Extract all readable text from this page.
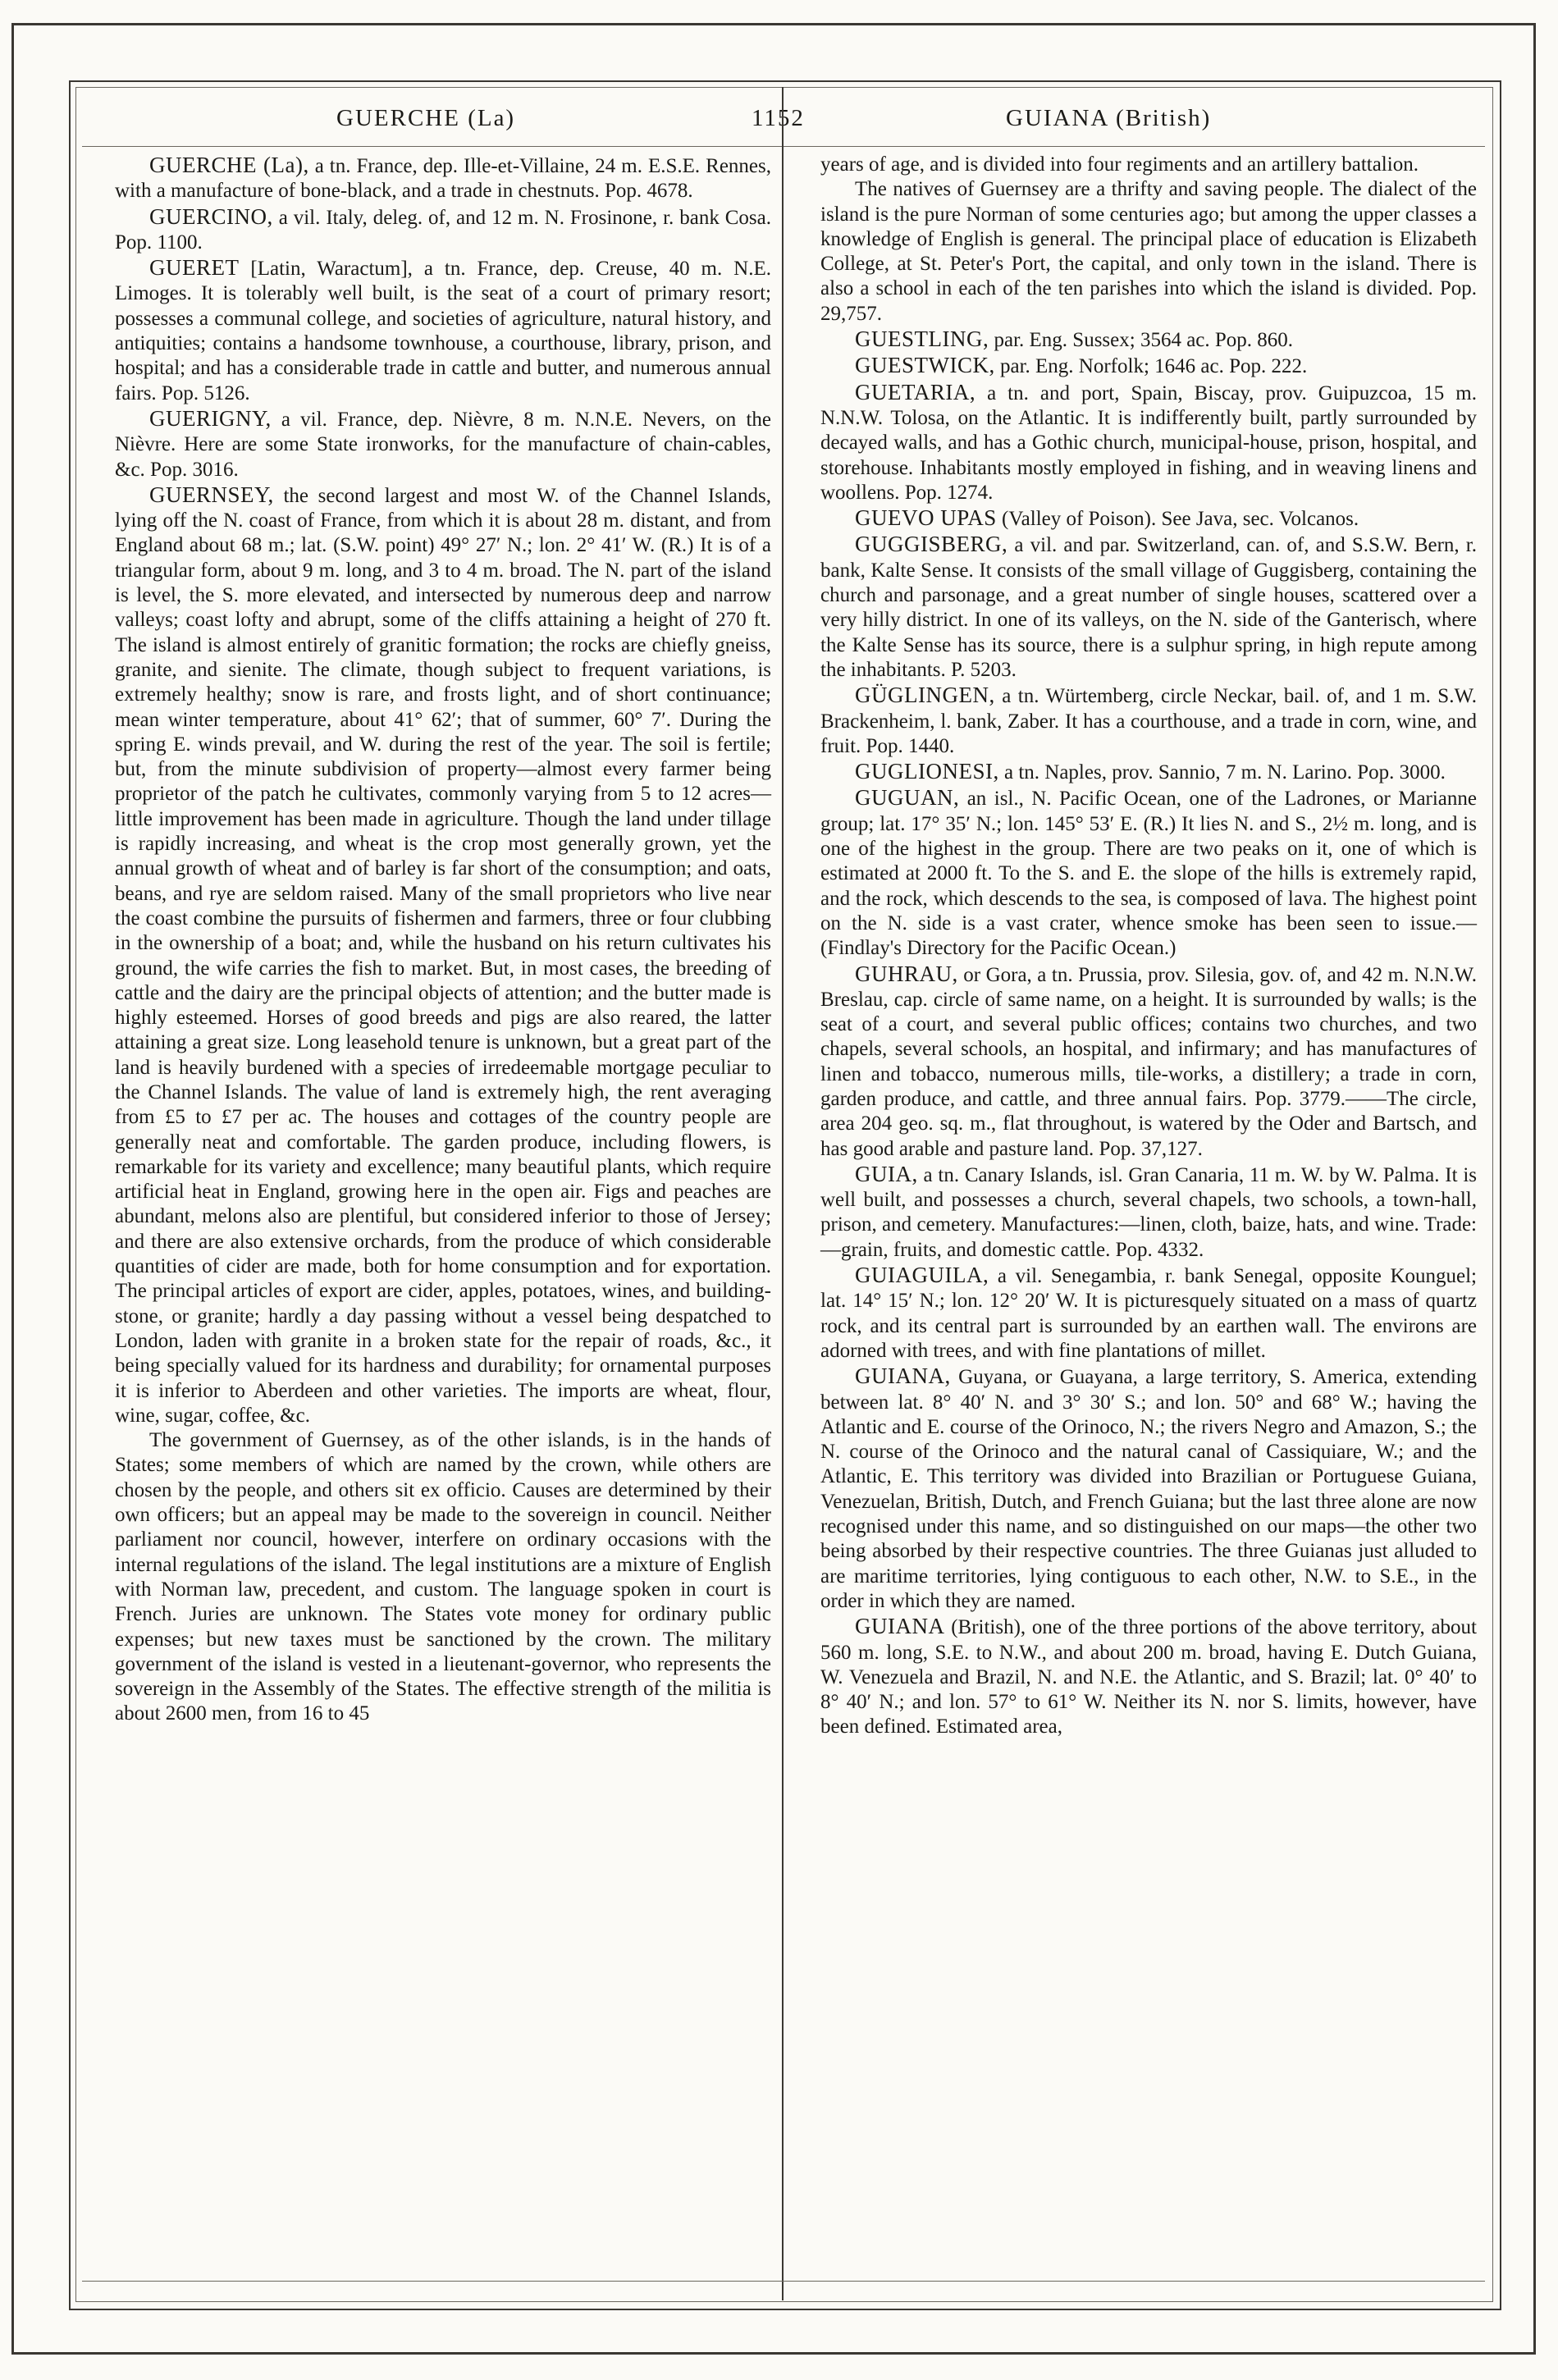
GUERCHE (La)	1152	GUIANA (British)

GUERCHE (La), a tn. France, dep. Ille-et-Villaine, 24 m. E.S.E. Rennes, with a manufacture of bone-black, and a trade in chestnuts. Pop. 4678.

GUERCINO, a vil. Italy, deleg. of, and 12 m. N. Frosinone, r. bank Cosa. Pop. 1100.

GUERET [Latin, Waractum], a tn. France, dep. Creuse, 40 m. N.E. Limoges. It is tolerably well built, is the seat of a court of primary resort; possesses a communal college, and societies of agriculture, natural history, and antiquities; contains a handsome townhouse, a courthouse, library, prison, and hospital; and has a considerable trade in cattle and butter, and numerous annual fairs. Pop. 5126.

GUERIGNY, a vil. France, dep. Nièvre, 8 m. N.N.E. Nevers, on the Nièvre. Here are some State ironworks, for the manufacture of chain-cables, &c. Pop. 3016.

GUERNSEY, the second largest and most W. of the Channel Islands, lying off the N. coast of France, from which it is about 28 m. distant, and from England about 68 m.; lat. (S.W. point) 49° 27′ N.; lon. 2° 41′ W. (R.) It is of a triangular form, about 9 m. long, and 3 to 4 m. broad. The N. part of the island is level, the S. more elevated, and intersected by numerous deep and narrow valleys; coast lofty and abrupt, some of the cliffs attaining a height of 270 ft. The island is almost entirely of granitic formation; the rocks are chiefly gneiss, granite, and sienite. The climate, though subject to frequent variations, is extremely healthy; snow is rare, and frosts light, and of short continuance; mean winter temperature, about 41° 62′; that of summer, 60° 7′. During the spring E. winds prevail, and W. during the rest of the year. The soil is fertile; but, from the minute subdivision of property—almost every farmer being proprietor of the patch he cultivates, commonly varying from 5 to 12 acres—little improvement has been made in agriculture. Though the land under tillage is rapidly increasing, and wheat is the crop most generally grown, yet the annual growth of wheat and of barley is far short of the consumption; and oats, beans, and rye are seldom raised. Many of the small proprietors who live near the coast combine the pursuits of fishermen and farmers, three or four clubbing in the ownership of a boat; and, while the husband on his return cultivates his ground, the wife carries the fish to market. But, in most cases, the breeding of cattle and the dairy are the principal objects of attention; and the butter made is highly esteemed. Horses of good breeds and pigs are also reared, the latter attaining a great size. Long leasehold tenure is unknown, but a great part of the land is heavily burdened with a species of irredeemable mortgage peculiar to the Channel Islands. The value of land is extremely high, the rent averaging from £5 to £7 per ac. The houses and cottages of the country people are generally neat and comfortable. The garden produce, including flowers, is remarkable for its variety and excellence; many beautiful plants, which require artificial heat in England, growing here in the open air. Figs and peaches are abundant, melons also are plentiful, but considered inferior to those of Jersey; and there are also extensive orchards, from the produce of which considerable quantities of cider are made, both for home consumption and for exportation. The principal articles of export are cider, apples, potatoes, wines, and building-stone, or granite; hardly a day passing without a vessel being despatched to London, laden with granite in a broken state for the repair of roads, &c., it being specially valued for its hardness and durability; for ornamental purposes it is inferior to Aberdeen and other varieties. The imports are wheat, flour, wine, sugar, coffee, &c.

The government of Guernsey, as of the other islands, is in the hands of States; some members of which are named by the crown, while others are chosen by the people, and others sit ex officio. Causes are determined by their own officers; but an appeal may be made to the sovereign in council. Neither parliament nor council, however, interfere on ordinary occasions with the internal regulations of the island. The legal institutions are a mixture of English with Norman law, precedent, and custom. The language spoken in court is French. Juries are unknown. The States vote money for ordinary public expenses; but new taxes must be sanctioned by the crown. The military government of the island is vested in a lieutenant-governor, who represents the sovereign in the Assembly of the States. The effective strength of the militia is about 2600 men, from 16 to 45

years of age, and is divided into four regiments and an artillery battalion.

The natives of Guernsey are a thrifty and saving people. The dialect of the island is the pure Norman of some centuries ago; but among the upper classes a knowledge of English is general. The principal place of education is Elizabeth College, at St. Peter's Port, the capital, and only town in the island. There is also a school in each of the ten parishes into which the island is divided. Pop. 29,757.

GUESTLING, par. Eng. Sussex; 3564 ac. Pop. 860.

GUESTWICK, par. Eng. Norfolk; 1646 ac. Pop. 222.

GUETARIA, a tn. and port, Spain, Biscay, prov. Guipuzcoa, 15 m. N.N.W. Tolosa, on the Atlantic. It is indifferently built, partly surrounded by decayed walls, and has a Gothic church, municipal-house, prison, hospital, and storehouse. Inhabitants mostly employed in fishing, and in weaving linens and woollens. Pop. 1274.

GUEVO UPAS (Valley of Poison). See Java, sec. Volcanos.

GUGGISBERG, a vil. and par. Switzerland, can. of, and S.S.W. Bern, r. bank, Kalte Sense. It consists of the small village of Guggisberg, containing the church and parsonage, and a great number of single houses, scattered over a very hilly district. In one of its valleys, on the N. side of the Ganterisch, where the Kalte Sense has its source, there is a sulphur spring, in high repute among the inhabitants. P. 5203.

GÜGLINGEN, a tn. Würtemberg, circle Neckar, bail. of, and 1 m. S.W. Brackenheim, l. bank, Zaber. It has a courthouse, and a trade in corn, wine, and fruit. Pop. 1440.

GUGLIONESI, a tn. Naples, prov. Sannio, 7 m. N. Larino. Pop. 3000.

GUGUAN, an isl., N. Pacific Ocean, one of the Ladrones, or Marianne group; lat. 17° 35′ N.; lon. 145° 53′ E. (R.) It lies N. and S., 2½ m. long, and is one of the highest in the group. There are two peaks on it, one of which is estimated at 2000 ft. To the S. and E. the slope of the hills is extremely rapid, and the rock, which descends to the sea, is composed of lava. The highest point on the N. side is a vast crater, whence smoke has been seen to issue.—(Findlay's Directory for the Pacific Ocean.)

GUHRAU, or Gora, a tn. Prussia, prov. Silesia, gov. of, and 42 m. N.N.W. Breslau, cap. circle of same name, on a height. It is surrounded by walls; is the seat of a court, and several public offices; contains two churches, and two chapels, several schools, an hospital, and infirmary; and has manufactures of linen and tobacco, numerous mills, tile-works, a distillery; a trade in corn, garden produce, and cattle, and three annual fairs. Pop. 3779.——The circle, area 204 geo. sq. m., flat throughout, is watered by the Oder and Bartsch, and has good arable and pasture land. Pop. 37,127.

GUIA, a tn. Canary Islands, isl. Gran Canaria, 11 m. W. by W. Palma. It is well built, and possesses a church, several chapels, two schools, a town-hall, prison, and cemetery. Manufactures:—linen, cloth, baize, hats, and wine. Trade:—grain, fruits, and domestic cattle. Pop. 4332.

GUIAGUILA, a vil. Senegambia, r. bank Senegal, opposite Kounguel; lat. 14° 15′ N.; lon. 12° 20′ W. It is picturesquely situated on a mass of quartz rock, and its central part is surrounded by an earthen wall. The environs are adorned with trees, and with fine plantations of millet.

GUIANA, Guyana, or Guayana, a large territory, S. America, extending between lat. 8° 40′ N. and 3° 30′ S.; and lon. 50° and 68° W.; having the Atlantic and E. course of the Orinoco, N.; the rivers Negro and Amazon, S.; the N. course of the Orinoco and the natural canal of Cassiquiare, W.; and the Atlantic, E. This territory was divided into Brazilian or Portuguese Guiana, Venezuelan, British, Dutch, and French Guiana; but the last three alone are now recognised under this name, and so distinguished on our maps—the other two being absorbed by their respective countries. The three Guianas just alluded to are maritime territories, lying contiguous to each other, N.W. to S.E., in the order in which they are named.

GUIANA (British), one of the three portions of the above territory, about 560 m. long, S.E. to N.W., and about 200 m. broad, having E. Dutch Guiana, W. Venezuela and Brazil, N. and N.E. the Atlantic, and S. Brazil; lat. 0° 40′ to 8° 40′ N.; and lon. 57° to 61° W. Neither its N. nor S. limits, however, have been defined. Estimated area,
